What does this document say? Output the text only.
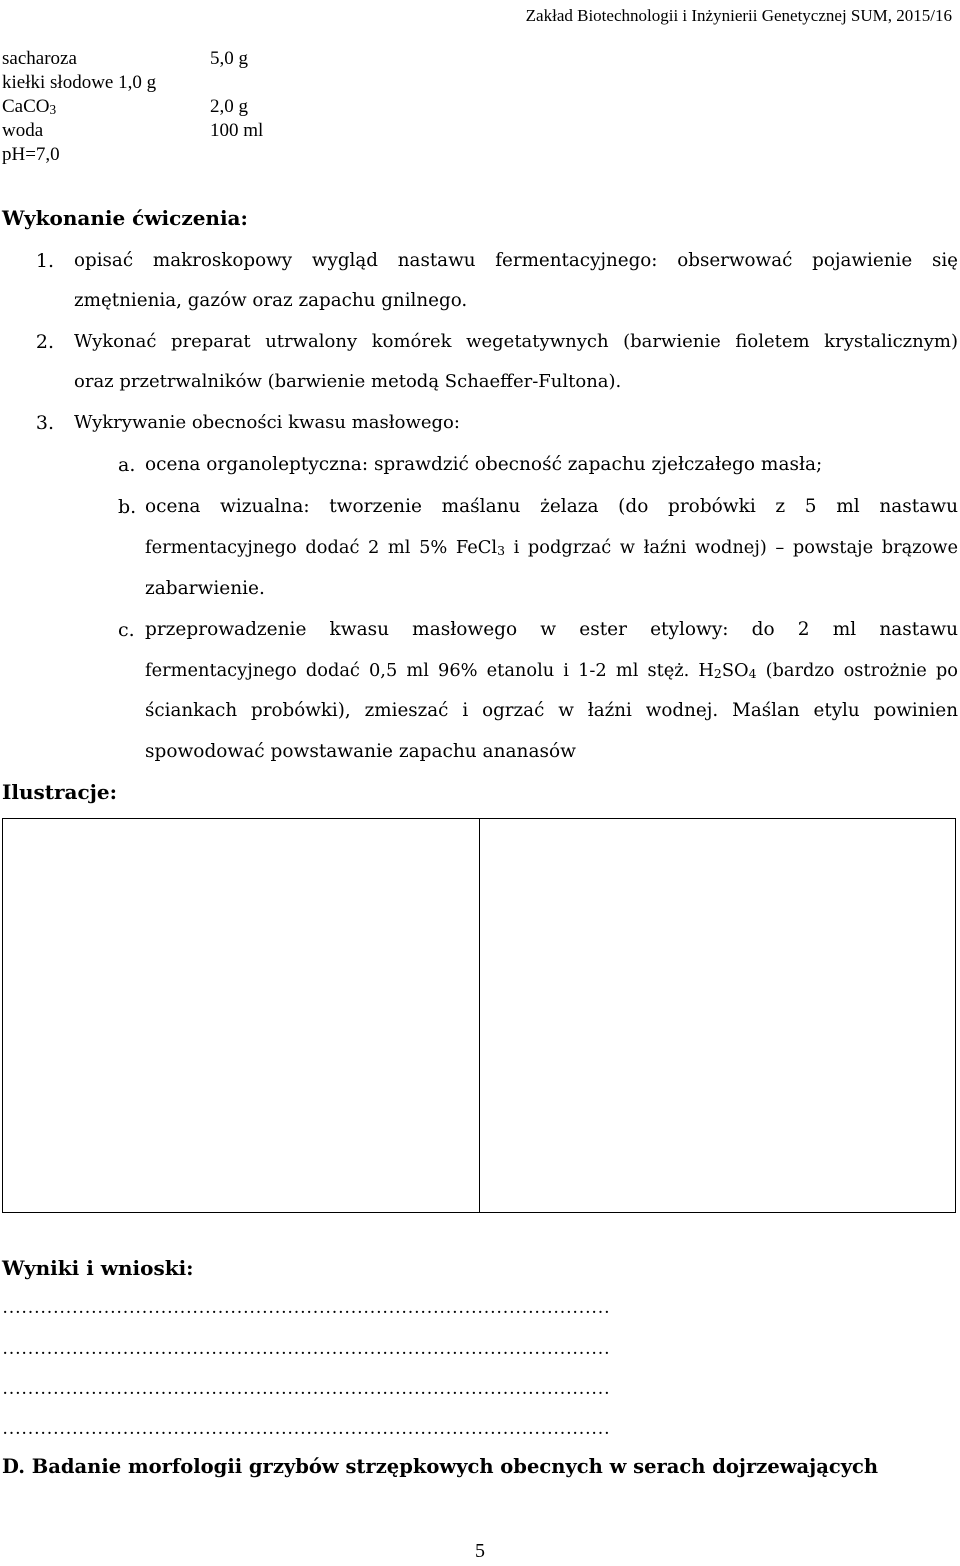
Zakład Biotechnologii i Inżynierii Genetycznej SUM, 2015/16
sacharoza	5,0 g
kiełki słodowe 1,0 g
CaCO$_3$	2,0 g
woda	100 ml
pH=7,0
Wykonanie ćwiczenia:
1. opisać makroskopowy wygląd nastawu fermentacyjnego: obserwować pojawienie się
zmętnienia, gazów oraz zapachu gnilnego.
2. Wykonać preparat utrwalony komórek wegetatywnych (barwienie fioletem krystalicznym)
oraz przetrwalników (barwienie metodą Schaeffer-Fultona).
3. Wykrywanie obecności kwasu masłowego:
a. ocena organoleptyczna: sprawdzić obecność zapachu zjełczałego masła;
b. ocena wizualna: tworzenie maślanu żelaza (do probówki z 5 ml nastawu
fermentacyjnego dodać 2 ml 5% FeCl$_3$ i podgrzać w łaźni wodnej) – powstaje brązowe
zabarwienie.
c. przeprowadzenie kwasu masłowego w ester etylowy: do 2 ml nastawu
fermentacyjnego dodać 0,5 ml 96% etanolu i 1-2 ml stęż. $H_2SO_4$ (bardzo ostrożnie po
ściankach probówki), zmieszać i ogrzać w łaźni wodnej. Maślan etylu powinien
spowodować powstawanie zapachu ananasów
Ilustracje:
Wyniki i wnioski:
……………………………………………………………………………………
……………………………………………………………………………………
……………………………………………………………………………………
……………………………………………………………………………………
D. Badanie morfologii grzybów strzępkowych obecnych w serach dojrzewających
5
